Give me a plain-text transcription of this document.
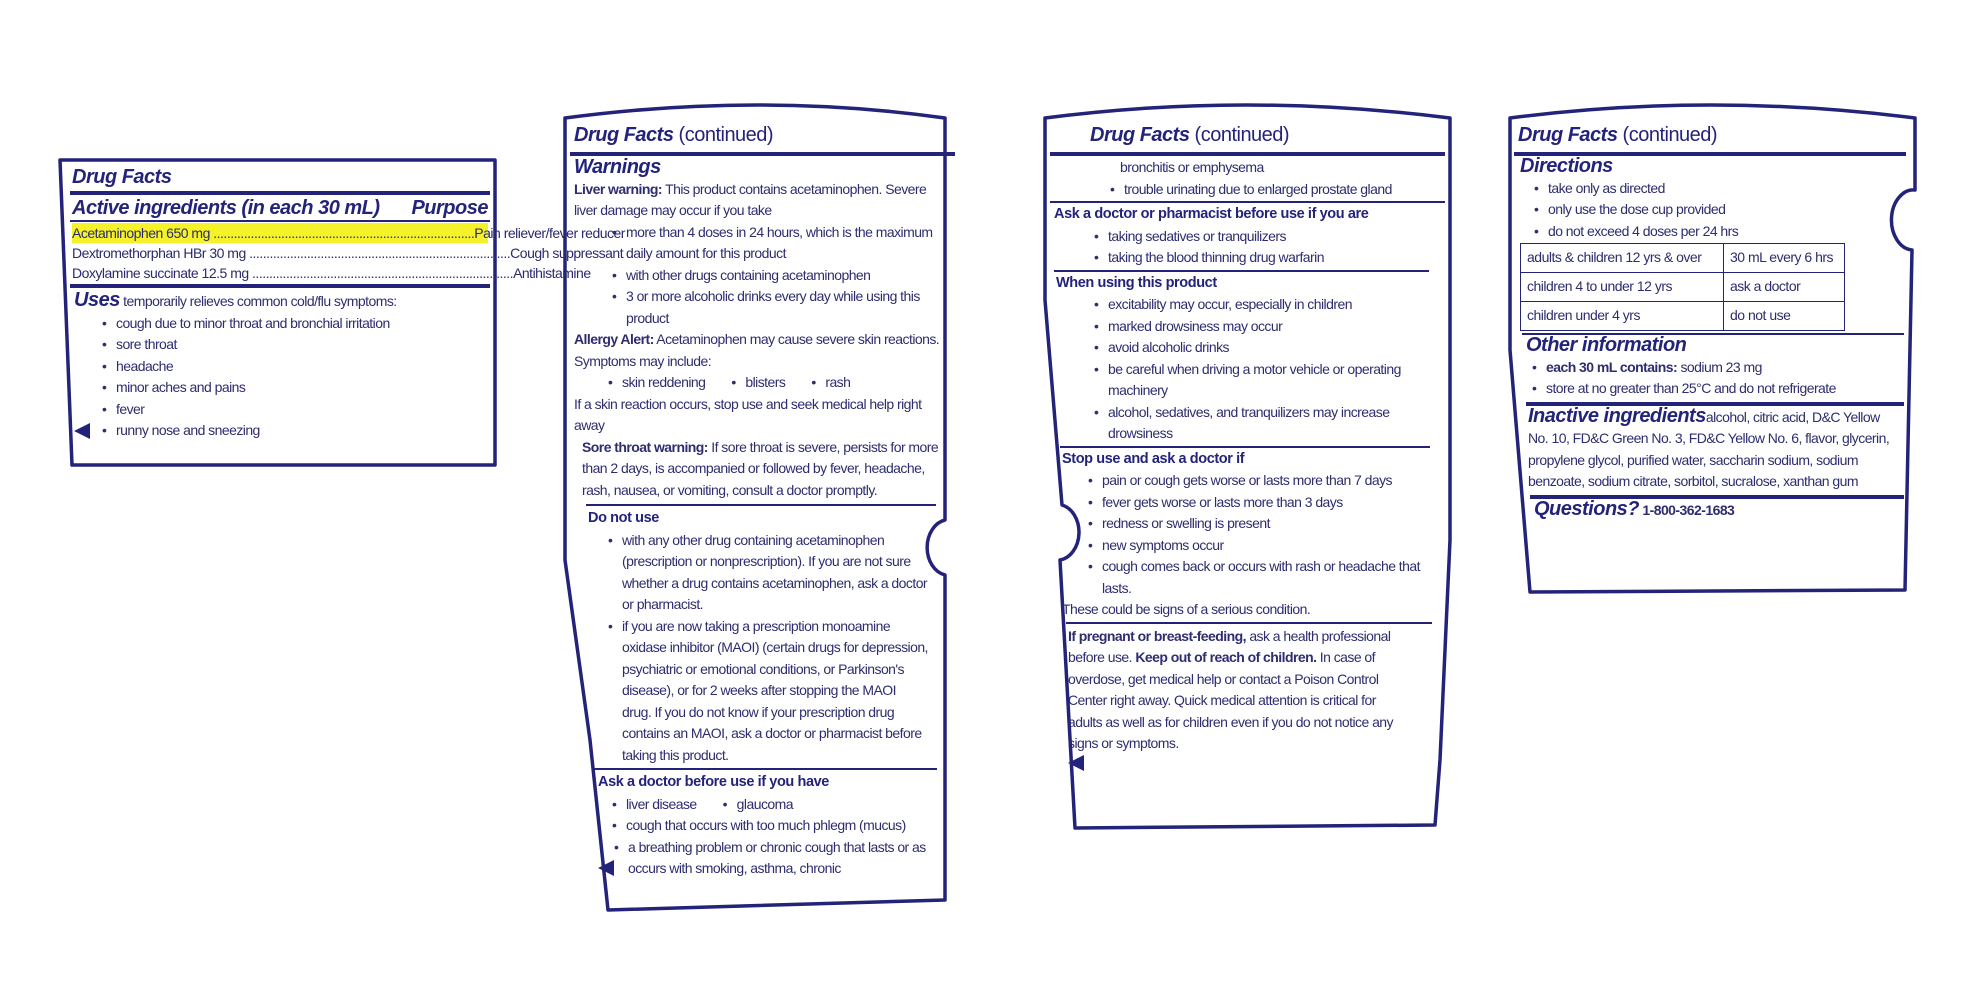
Drug Facts
Active ingredients (in each 30 mL) Purpose
Acetaminophen 650 mg ............................................................................. Pain reliever/fever reducer
Dextromethorphan HBr 30 mg ............................................................................. Cough suppressant
Doxylamine succinate 12.5 mg ............................................................................. Antihistamine
Uses temporarily relieves common cold/flu symptoms:
• cough due to minor throat and bronchial irritation
• sore throat
• headache
• minor aches and pains
• fever
• runny nose and sneezing
Drug Facts (continued)
Warnings
Liver warning: This product contains acetaminophen. Severe liver damage may occur if you take
• more than 4 doses in 24 hours, which is the maximum daily amount for this product
• with other drugs containing acetaminophen
• 3 or more alcoholic drinks every day while using this product
Allergy Alert: Acetaminophen may cause severe skin reactions. Symptoms may include:
• skin reddening	• blisters	• rash
If a skin reaction occurs, stop use and seek medical help right away
Sore throat warning: If sore throat is severe, persists for more than 2 days, is accompanied or followed by fever, headache, rash, nausea, or vomiting, consult a doctor promptly.
Do not use
• with any other drug containing acetaminophen (prescription or nonprescription). If you are not sure whether a drug contains acetaminophen, ask a doctor or pharmacist.
• if you are now taking a prescription monoamine oxidase inhibitor (MAOI) (certain drugs for depression, psychiatric or emotional conditions, or Parkinson's disease), or for 2 weeks after stopping the MAOI drug. If you do not know if your prescription drug contains an MAOI, ask a doctor or pharmacist before taking this product.
Ask a doctor before use if you have
• liver disease	• glaucoma
• cough that occurs with too much phlegm (mucus)
• a breathing problem or chronic cough that lasts or as occurs with smoking, asthma, chronic
Drug Facts (continued)
bronchitis or emphysema
• trouble urinating due to enlarged prostate gland
Ask a doctor or pharmacist before use if you are
• taking sedatives or tranquilizers
• taking the blood thinning drug warfarin
When using this product
• excitability may occur, especially in children
• marked drowsiness may occur
• avoid alcoholic drinks
• be careful when driving a motor vehicle or operating machinery
• alcohol, sedatives, and tranquilizers may increase drowsiness
Stop use and ask a doctor if
• pain or cough gets worse or lasts more than 7 days
• fever gets worse or lasts more than 3 days
• redness or swelling is present
• new symptoms occur
• cough comes back or occurs with rash or headache that lasts.
These could be signs of a serious condition.
If pregnant or breast-feeding, ask a health professional before use. Keep out of reach of children. In case of overdose, get medical help or contact a Poison Control Center right away. Quick medical attention is critical for adults as well as for children even if you do not notice any signs or symptoms.
Drug Facts (continued)
Directions
• take only as directed
• only use the dose cup provided
• do not exceed 4 doses per 24 hrs
adults & children 12 yrs & over	30 mL every 6 hrs
children 4 to under 12 yrs	ask a doctor
children under 4 yrs	do not use
Other information
• each 30 mL contains: sodium 23 mg
• store at no greater than 25°C and do not refrigerate
Inactive ingredientsalcohol, citric acid, D&C Yellow No. 10, FD&C Green No. 3, FD&C Yellow No. 6, flavor, glycerin, propylene glycol, purified water, saccharin sodium, sodium benzoate, sodium citrate, sorbitol, sucralose, xanthan gum
Questions? 1-800-362-1683
